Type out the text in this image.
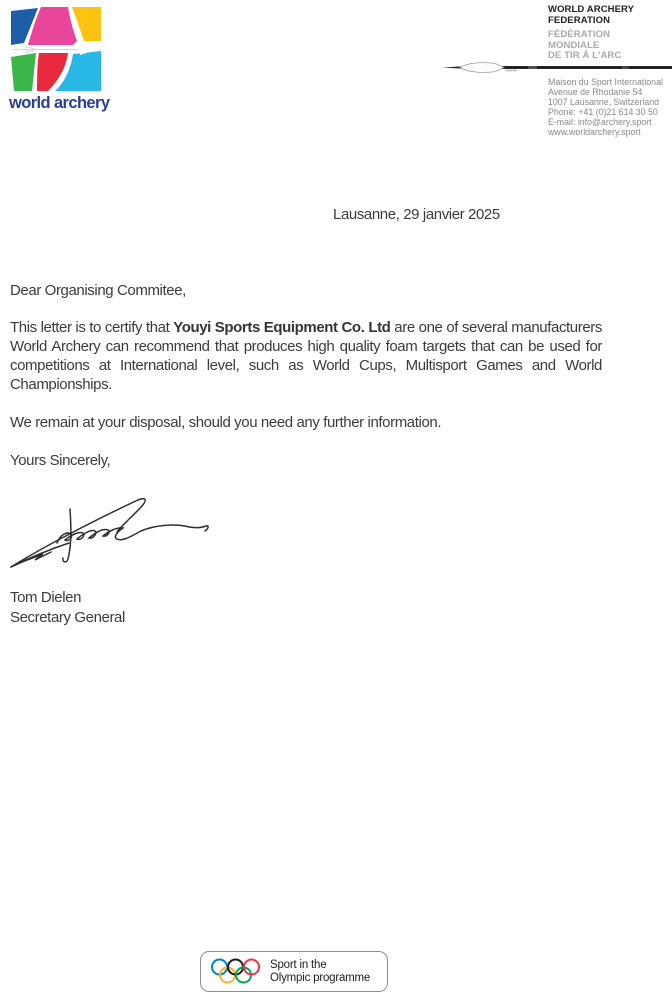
world archery
WORLD ARCHERY
FEDERATION
FÉDÉRATION
MONDIALE
DE TIR À L'ARC
Maison du Sport International
Avenue de Rhodanie 54
1007 Lausanne, Switzerland
Phone: +41 (0)21 614 30 50
E-mail: info@archery.sport
www.worldarchery.sport
Lausanne, 29 janvier 2025

Dear Organising Commitee,

This letter is to certify that Youyi Sports Equipment Co. Ltd are one of several manufacturers World Archery can recommend that produces high quality foam targets that can be used for competitions at International level, such as World Cups, Multisport Games and World Championships.

We remain at your disposal, should you need any further information.

Yours Sincerely,

Tom Dielen
Secretary General
Sport in the
Olympic programme
